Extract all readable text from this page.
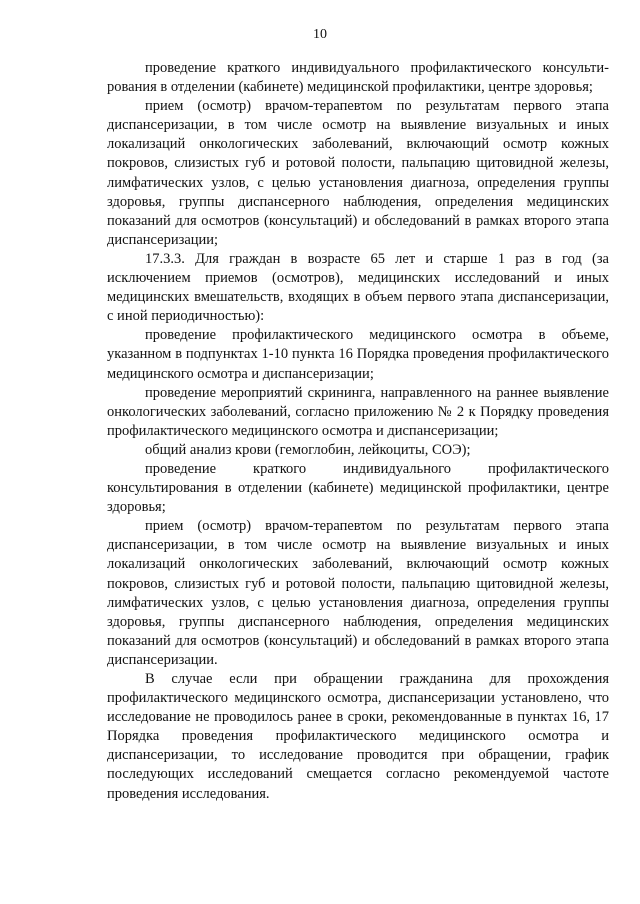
10

проведение краткого индивидуального профилактического консультирования в отделении (кабинете) медицинской профилактики, центре здоровья;

прием (осмотр) врачом-терапевтом по результатам первого этапа диспансеризации, в том числе осмотр на выявление визуальных и иных локализаций онкологических заболеваний, включающий осмотр кожных покровов, слизистых губ и ротовой полости, пальпацию щитовидной железы, лимфатических узлов, с целью установления диагноза, определения группы здоровья, группы диспансерного наблюдения, определения медицинских показаний для осмотров (консультаций) и обследований в рамках второго этапа диспансеризации;

17.3.3. Для граждан в возрасте 65 лет и старше 1 раз в год (за исключением приемов (осмотров), медицинских исследований и иных медицинских вмешательств, входящих в объем первого этапа диспансеризации, с иной периодичностью):

проведение профилактического медицинского осмотра в объеме, указанном в подпунктах 1-10 пункта 16 Порядка проведения профилактического медицинского осмотра и диспансеризации;

проведение мероприятий скрининга, направленного на раннее выявление онкологических заболеваний, согласно приложению № 2 к Порядку проведения профилактического медицинского осмотра и диспансеризации;

общий анализ крови (гемоглобин, лейкоциты, СОЭ);

проведение краткого индивидуального профилактического консультирования в отделении (кабинете) медицинской профилактики, центре здоровья;

прием (осмотр) врачом-терапевтом по результатам первого этапа диспансеризации, в том числе осмотр на выявление визуальных и иных локализаций онкологических заболеваний, включающий осмотр кожных покровов, слизистых губ и ротовой полости, пальпацию щитовидной железы, лимфатических узлов, с целью установления диагноза, определения группы здоровья, группы диспансерного наблюдения, определения медицинских показаний для осмотров (консультаций) и обследований в рамках второго этапа диспансеризации.

В случае если при обращении гражданина для прохождения профилактического медицинского осмотра, диспансеризации установлено, что исследование не проводилось ранее в сроки, рекомендованные в пунктах 16, 17 Порядка проведения профилактического медицинского осмотра и диспансеризации, то исследование проводится при обращении, график последующих исследований смещается согласно рекомендуемой частоте проведения исследования.
